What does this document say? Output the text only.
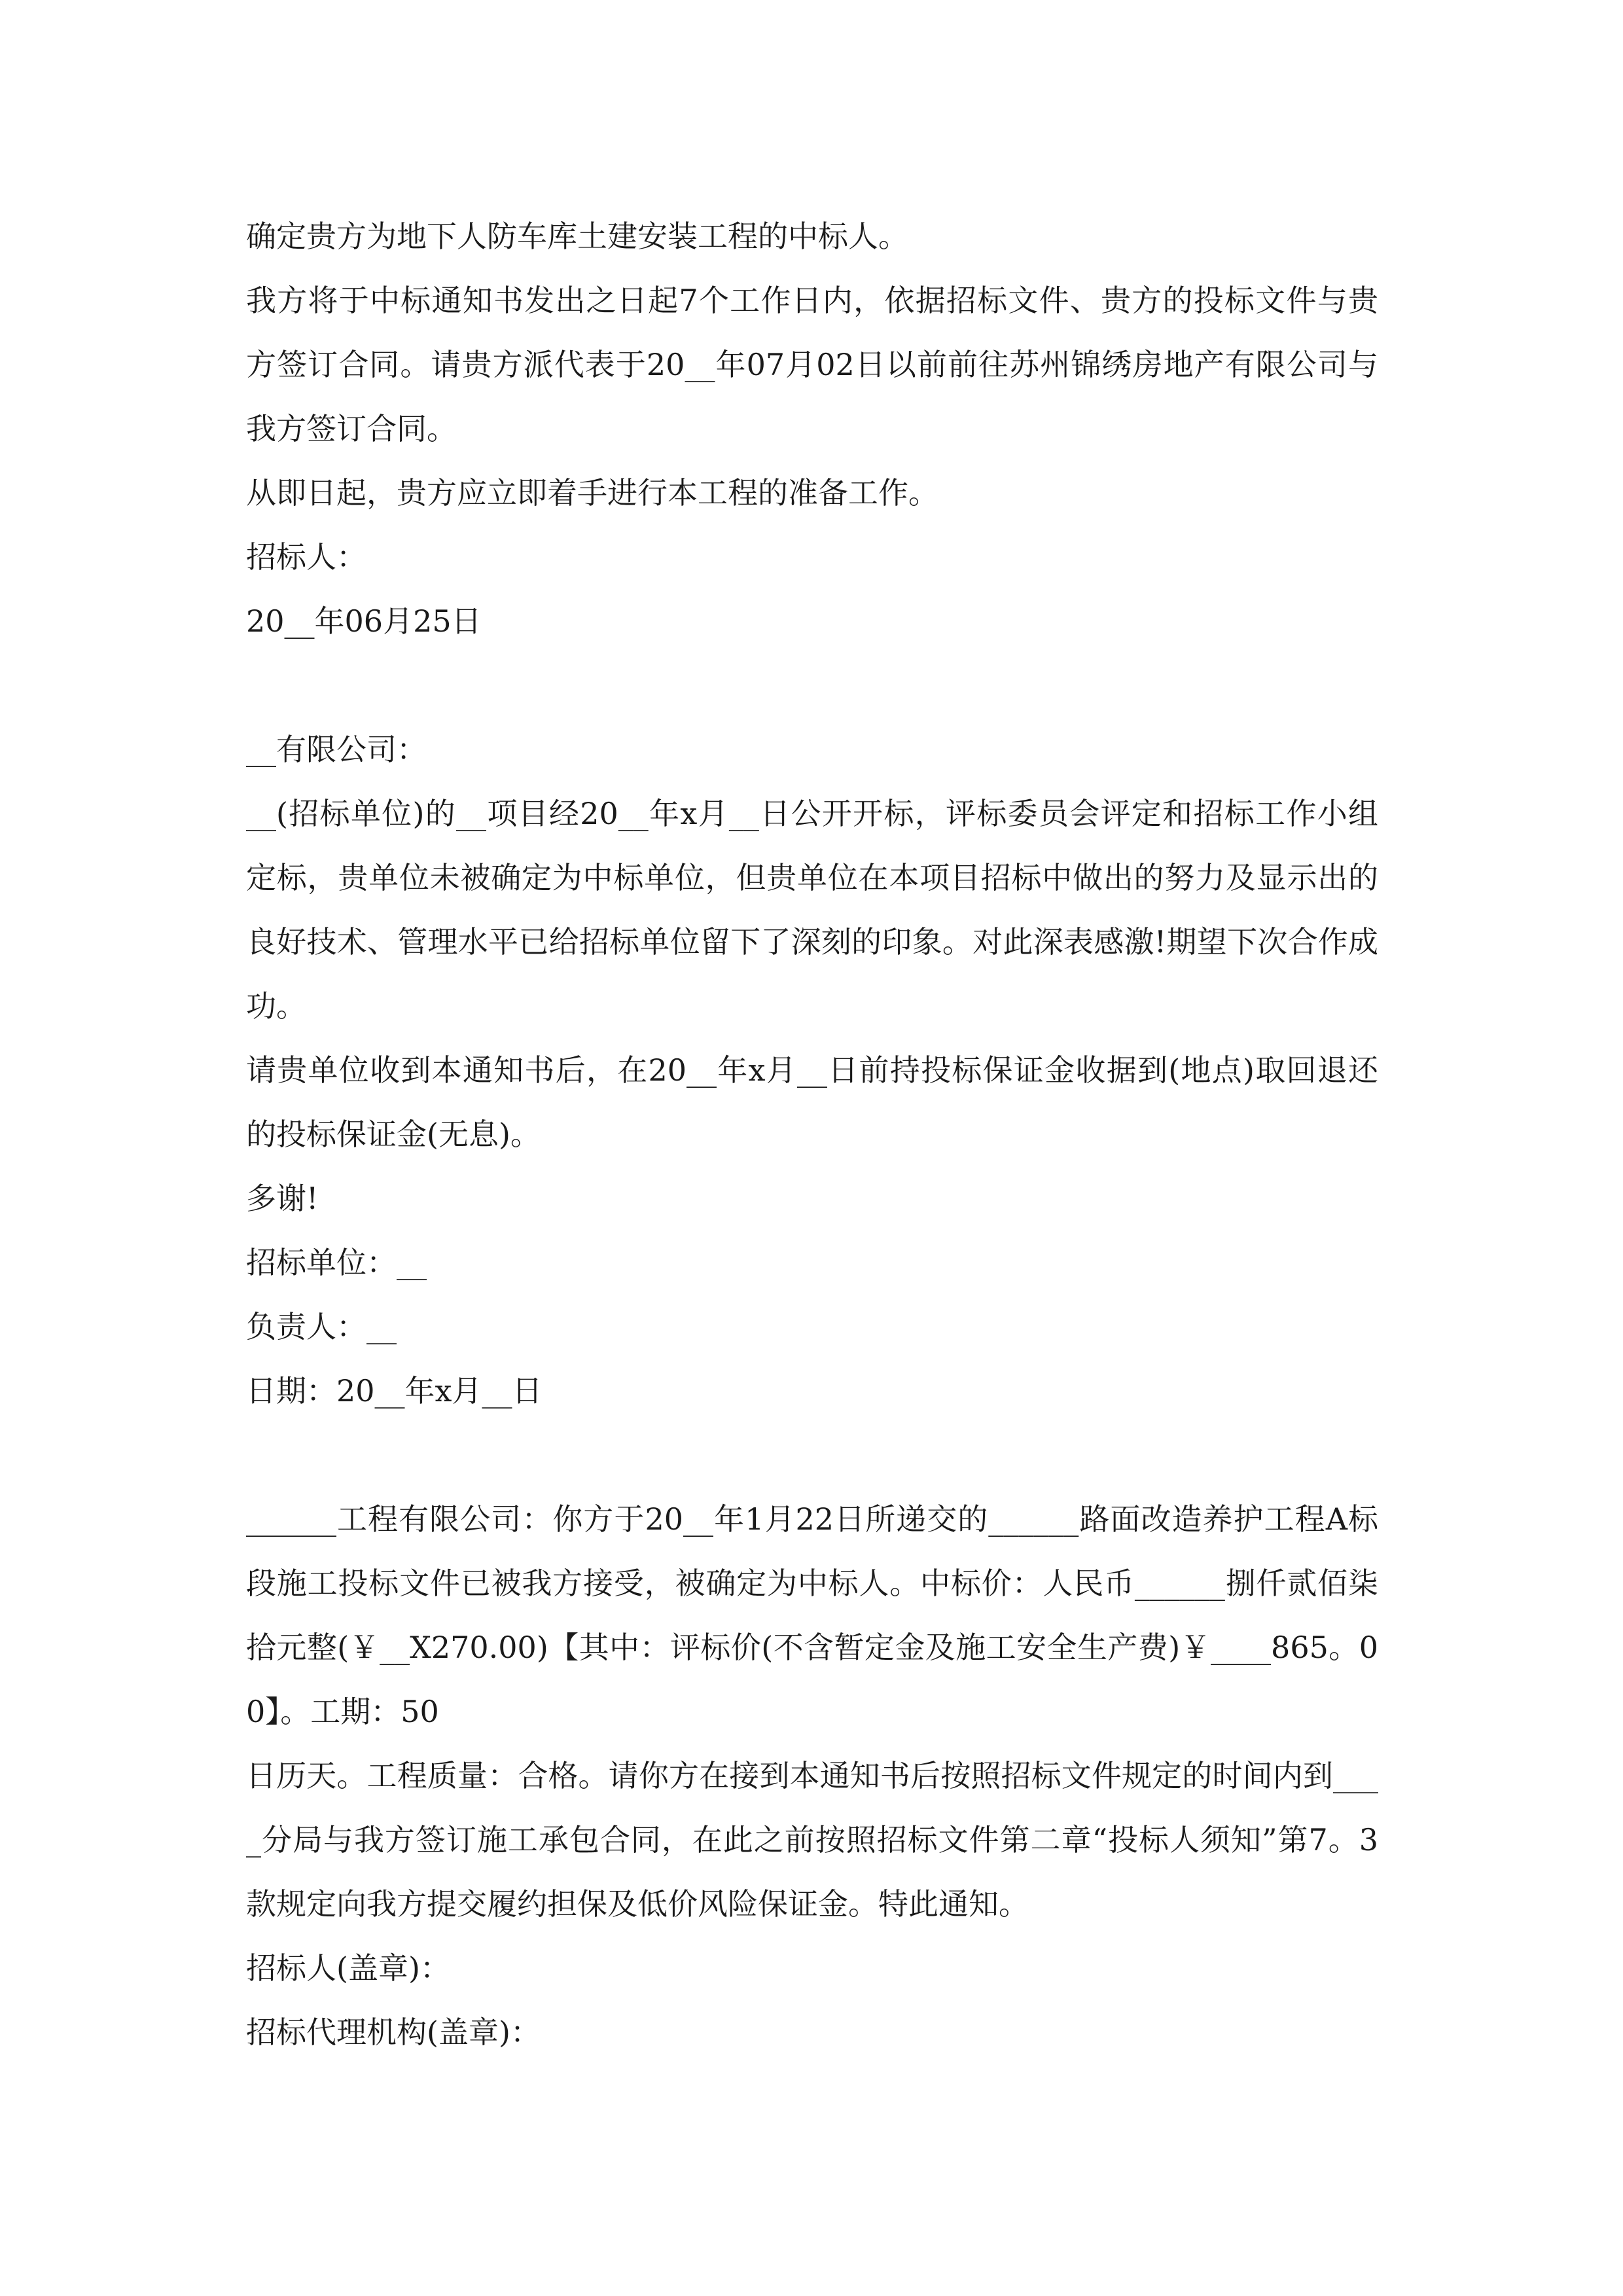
确定贵方为地下人防车库土建安装工程的中标人。

我方将于中标通知书发出之日起7个工作日内，依据招标文件、贵方的投标文件与贵方签订合同。请贵方派代表于20__年07月02日以前前往苏州锦绣房地产有限公司与我方签订合同。

从即日起，贵方应立即着手进行本工程的准备工作。

招标人：

20__年06月25日

__有限公司：

__(招标单位)的__项目经20__年x月__日公开开标，评标委员会评定和招标工作小组定标，贵单位未被确定为中标单位，但贵单位在本项目招标中做出的努力及显示出的良好技术、管理水平已给招标单位留下了深刻的印象。对此深表感激!期望下次合作成功。

请贵单位收到本通知书后，在20__年x月__日前持投标保证金收据到(地点)取回退还的投标保证金(无息)。

多谢!

招标单位：__

负责人：__

日期：20__年x月__日

______工程有限公司：你方于20__年1月22日所递交的______路面改造养护工程A标段施工投标文件已被我方接受，被确定为中标人。中标价：人民币______捌仟贰佰柒拾元整(￥__X270.00)【其中：评标价(不含暂定金及施工安全生产费)￥____865。00】。工期：50

日历天。工程质量：合格。请你方在接到本通知书后按照招标文件规定的时间内到____分局与我方签订施工承包合同，在此之前按照招标文件第二章“投标人须知”第7。3款规定向我方提交履约担保及低价风险保证金。特此通知。

招标人(盖章)：

招标代理机构(盖章)：
